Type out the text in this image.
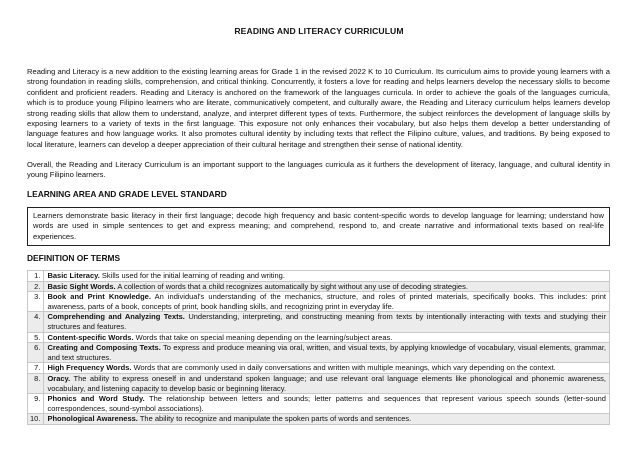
READING AND LITERACY CURRICULUM

Reading and Literacy is a new addition to the existing learning areas for Grade 1 in the revised 2022 K to 10 Curriculum. Its curriculum aims to provide young learners with a strong foundation in reading skills, comprehension, and critical thinking. Concurrently, it fosters a love for reading and helps learners develop the necessary skills to become confident and proficient readers. Reading and Literacy is anchored on the framework of the languages curricula. In order to achieve the goals of the languages curricula, which is to produce young Filipino learners who are literate, communicatively competent, and culturally aware, the Reading and Literacy curriculum helps learners develop strong reading skills that allow them to understand, analyze, and interpret different types of texts. Furthermore, the subject reinforces the development of language skills by exposing learners to a variety of texts in the first language. This exposure not only enhances their vocabulary, but also helps them develop a better understanding of language features and how language works. It also promotes cultural identity by including texts that reflect the Filipino culture, values, and traditions. By being exposed to local literature, learners can develop a deeper appreciation of their cultural heritage and strengthen their sense of national identity.

Overall, the Reading and Literacy Curriculum is an important support to the languages curricula as it furthers the development of literacy, language, and cultural identity in young Filipino learners.

LEARNING AREA AND GRADE LEVEL STANDARD
Learners demonstrate basic literacy in their first language; decode high frequency and basic content-specific words to develop language for learning; understand how words are used in simple sentences to get and express meaning; and comprehend, respond to, and create narrative and informational texts based on real-life experiences.
DEFINITION OF TERMS
1.	Basic Literacy. Skills used for the initial learning of reading and writing.
2.	Basic Sight Words. A collection of words that a child recognizes automatically by sight without any use of decoding strategies.
3.	Book and Print Knowledge. An individual's understanding of the mechanics, structure, and roles of printed materials, specifically books. This includes: print awareness, parts of a book, concepts of print, book handling skills, and recognizing print in everyday life.
4.	Comprehending and Analyzing Texts. Understanding, interpreting, and constructing meaning from texts by intentionally interacting with texts and studying their structures and features.
5.	Content-specific Words. Words that take on special meaning depending on the learning/subject areas.
6.	Creating and Composing Texts. To express and produce meaning via oral, written, and visual texts, by applying knowledge of vocabulary, visual elements, grammar, and text structures.
7.	High Frequency Words. Words that are commonly used in daily conversations and written with multiple meanings, which vary depending on the context.
8.	Oracy. The ability to express oneself in and understand spoken language; and use relevant oral language elements like phonological and phonemic awareness, vocabulary, and listening capacity to develop basic or beginning literacy.
9.	Phonics and Word Study. The relationship between letters and sounds; letter patterns and sequences that represent various speech sounds (letter-sound correspondences, sound-symbol associations).
10.	Phonological Awareness. The ability to recognize and manipulate the spoken parts of words and sentences.
